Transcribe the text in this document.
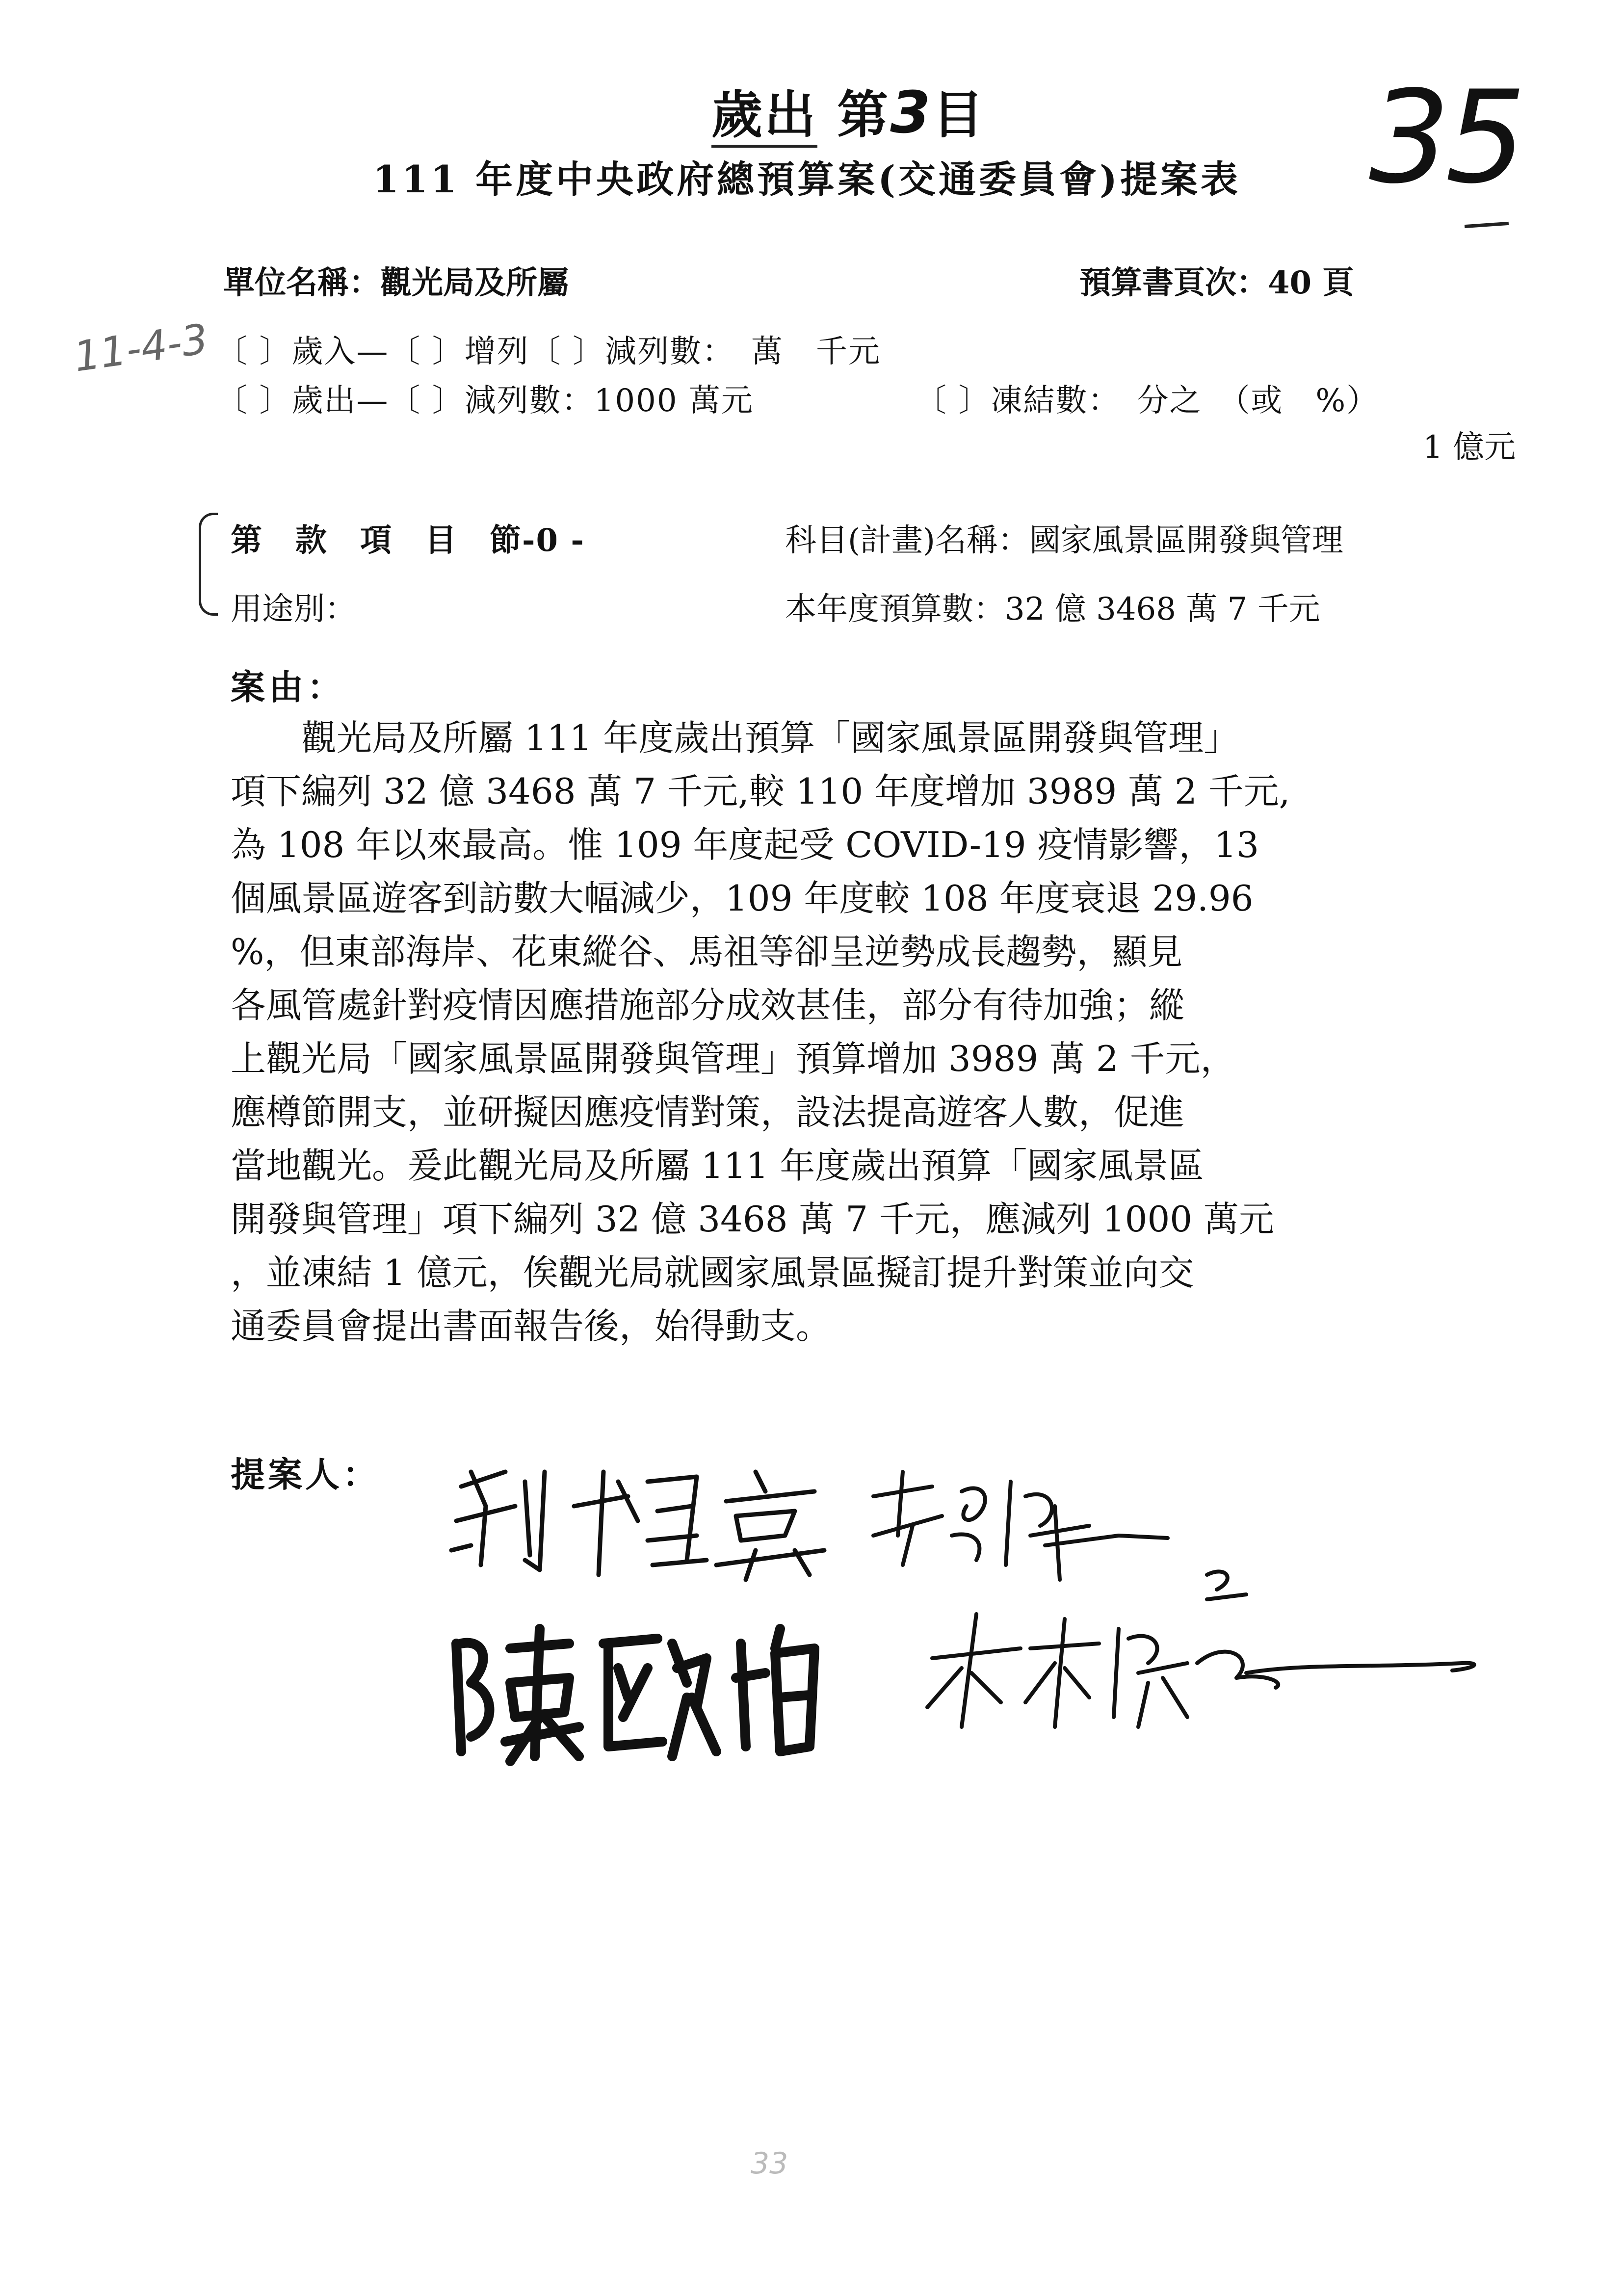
歲出 第3目
111 年度中央政府總預算案(交通委員會)提案表 35
單位名稱：觀光局及所屬	預算書頁次：40 頁
11-4-3 〔 〕歲入—〔 〕增列〔 〕減列數：　萬　千元
〔 〕歲出—〔 〕減列數：1000 萬元	〔 〕凍結數：　分之　（或　%）
1 億元
第　款　項　目　節-0 -
用途別：
科目(計畫)名稱：國家風景區開發與管理
本年度預算數：32 億 3468 萬 7 千元
案由：
　　觀光局及所屬 111 年度歲出預算「國家風景區開發與管理」
項下編列 32 億 3468 萬 7 千元,較 110 年度增加 3989 萬 2 千元,
為 108 年以來最高。惟 109 年度起受 COVID-19 疫情影響，13
個風景區遊客到訪數大幅減少，109 年度較 108 年度衰退 29.96
%，但東部海岸、花東縱谷、馬祖等卻呈逆勢成長趨勢，顯見
各風管處針對疫情因應措施部分成效甚佳，部分有待加強；縱
上觀光局「國家風景區開發與管理」預算增加 3989 萬 2 千元，
應樽節開支，並研擬因應疫情對策，設法提高遊客人數，促進
當地觀光。爰此觀光局及所屬 111 年度歲出預算「國家風景區
開發與管理」項下編列 32 億 3468 萬 7 千元，應減列 1000 萬元
，並凍結 1 億元，俟觀光局就國家風景區擬訂提升對策並向交
通委員會提出書面報告後，始得動支。
提案人：
33
